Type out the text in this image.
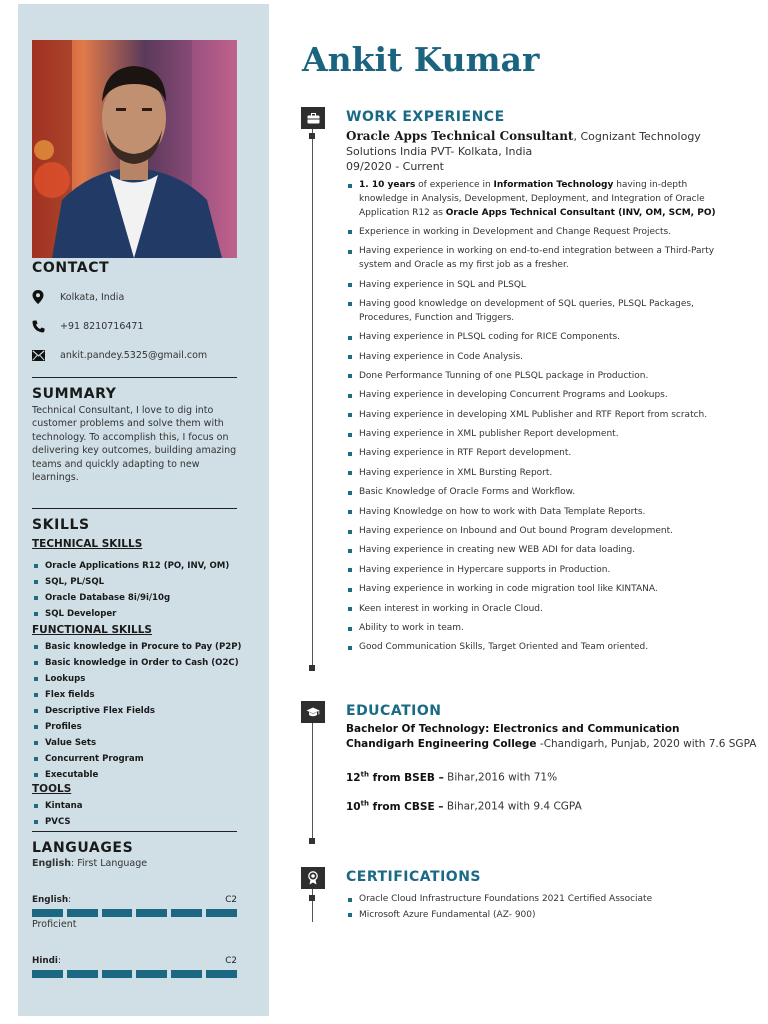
CONTACT
Kolkata, India
+91 8210716471
ankit.pandey.5325@gmail.com
SUMMARY
Technical Consultant, I love to dig into customer problems and solve them with technology. To accomplish this, I focus on delivering key outcomes, building amazing teams and quickly adapting to new learnings.
SKILLS
TECHNICAL SKILLS
Oracle Applications R12 (PO, INV, OM)
SQL, PL/SQL
Oracle Database 8i/9i/10g
SQL Developer
FUNCTIONAL SKILLS
Basic knowledge in Procure to Pay (P2P)
Basic knowledge in Order to Cash (O2C)
Lookups
Flex fields
Descriptive Flex Fields
Profiles
Value Sets
Concurrent Program
Executable
TOOLS
Kintana
PVCS
LANGUAGES
English: First Language
English:	C2
Proficient
Hindi:	C2
Ankit Kumar
WORK EXPERIENCE
Oracle Apps Technical Consultant, Cognizant Technology Solutions India PVT- Kolkata, India
09/2020 - Current
1. 10 years of experience in Information Technology having in-depth knowledge in Analysis, Development, Deployment, and Integration of Oracle Application R12 as Oracle Apps Technical Consultant (INV, OM, SCM, PO)
Experience in working in Development and Change Request Projects.
Having experience in working on end-to-end integration between a Third-Party system and Oracle as my first job as a fresher.
Having experience in SQL and PLSQL
Having good knowledge on development of SQL queries, PLSQL Packages, Procedures, Function and Triggers.
Having experience in PLSQL coding for RICE Components.
Having experience in Code Analysis.
Done Performance Tunning of one PLSQL package in Production.
Having experience in developing Concurrent Programs and Lookups.
Having experience in developing XML Publisher and RTF Report from scratch.
Having experience in XML publisher Report development.
Having experience in RTF Report development.
Having experience in XML Bursting Report.
Basic Knowledge of Oracle Forms and Workflow.
Having Knowledge on how to work with Data Template Reports.
Having experience on Inbound and Out bound Program development.
Having experience in creating new WEB ADI for data loading.
Having experience in Hypercare supports in Production.
Having experience in working in code migration tool like KINTANA.
Keen interest in working in Oracle Cloud.
Ability to work in team.
Good Communication Skills, Target Oriented and Team oriented.
EDUCATION
Bachelor Of Technology: Electronics and Communication
Chandigarh Engineering College -Chandigarh, Punjab, 2020 with 7.6 SGPA
12th from BSEB – Bihar,2016 with 71%
10th from CBSE – Bihar,2014 with 9.4 CGPA
CERTIFICATIONS
Oracle Cloud Infrastructure Foundations 2021 Certified Associate
Microsoft Azure Fundamental (AZ- 900)
